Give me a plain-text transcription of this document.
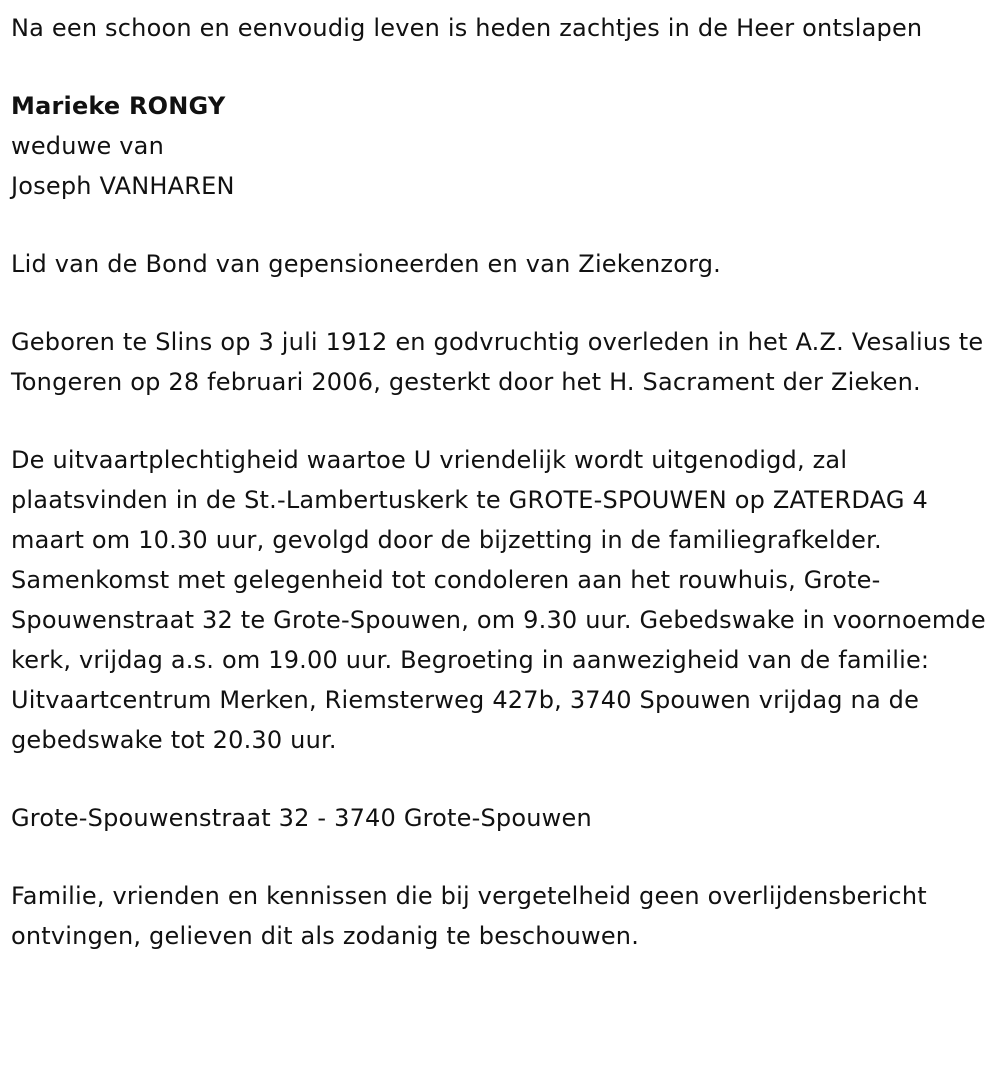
Na een schoon en eenvoudig leven is heden zachtjes in de Heer ontslapen

Marieke RONGY

weduwe van

Joseph VANHAREN

Lid van de Bond van gepensioneerden en van Ziekenzorg.

Geboren te Slins op 3 juli 1912 en godvruchtig overleden in het A.Z. Vesalius te Tongeren op 28 februari 2006, gesterkt door het H. Sacrament der Zieken.

De uitvaartplechtigheid waartoe U vriendelijk wordt uitgenodigd, zal plaatsvinden in de St.-Lambertuskerk te GROTE-SPOUWEN op ZATERDAG 4 maart om 10.30 uur, gevolgd door de bijzetting in de familiegrafkelder. Samenkomst met gelegenheid tot condoleren aan het rouwhuis, Grote-Spouwenstraat 32 te Grote-Spouwen, om 9.30 uur. Gebedswake in voornoemde kerk, vrijdag a.s. om 19.00 uur. Begroeting in aanwezigheid van de familie: Uitvaartcentrum Merken, Riemsterweg 427b, 3740 Spouwen vrijdag na de gebedswake tot 20.30 uur.

Grote-Spouwenstraat 32 - 3740 Grote-Spouwen

Familie, vrienden en kennissen die bij vergetelheid geen overlijdensbericht ontvingen, gelieven dit als zodanig te beschouwen.
